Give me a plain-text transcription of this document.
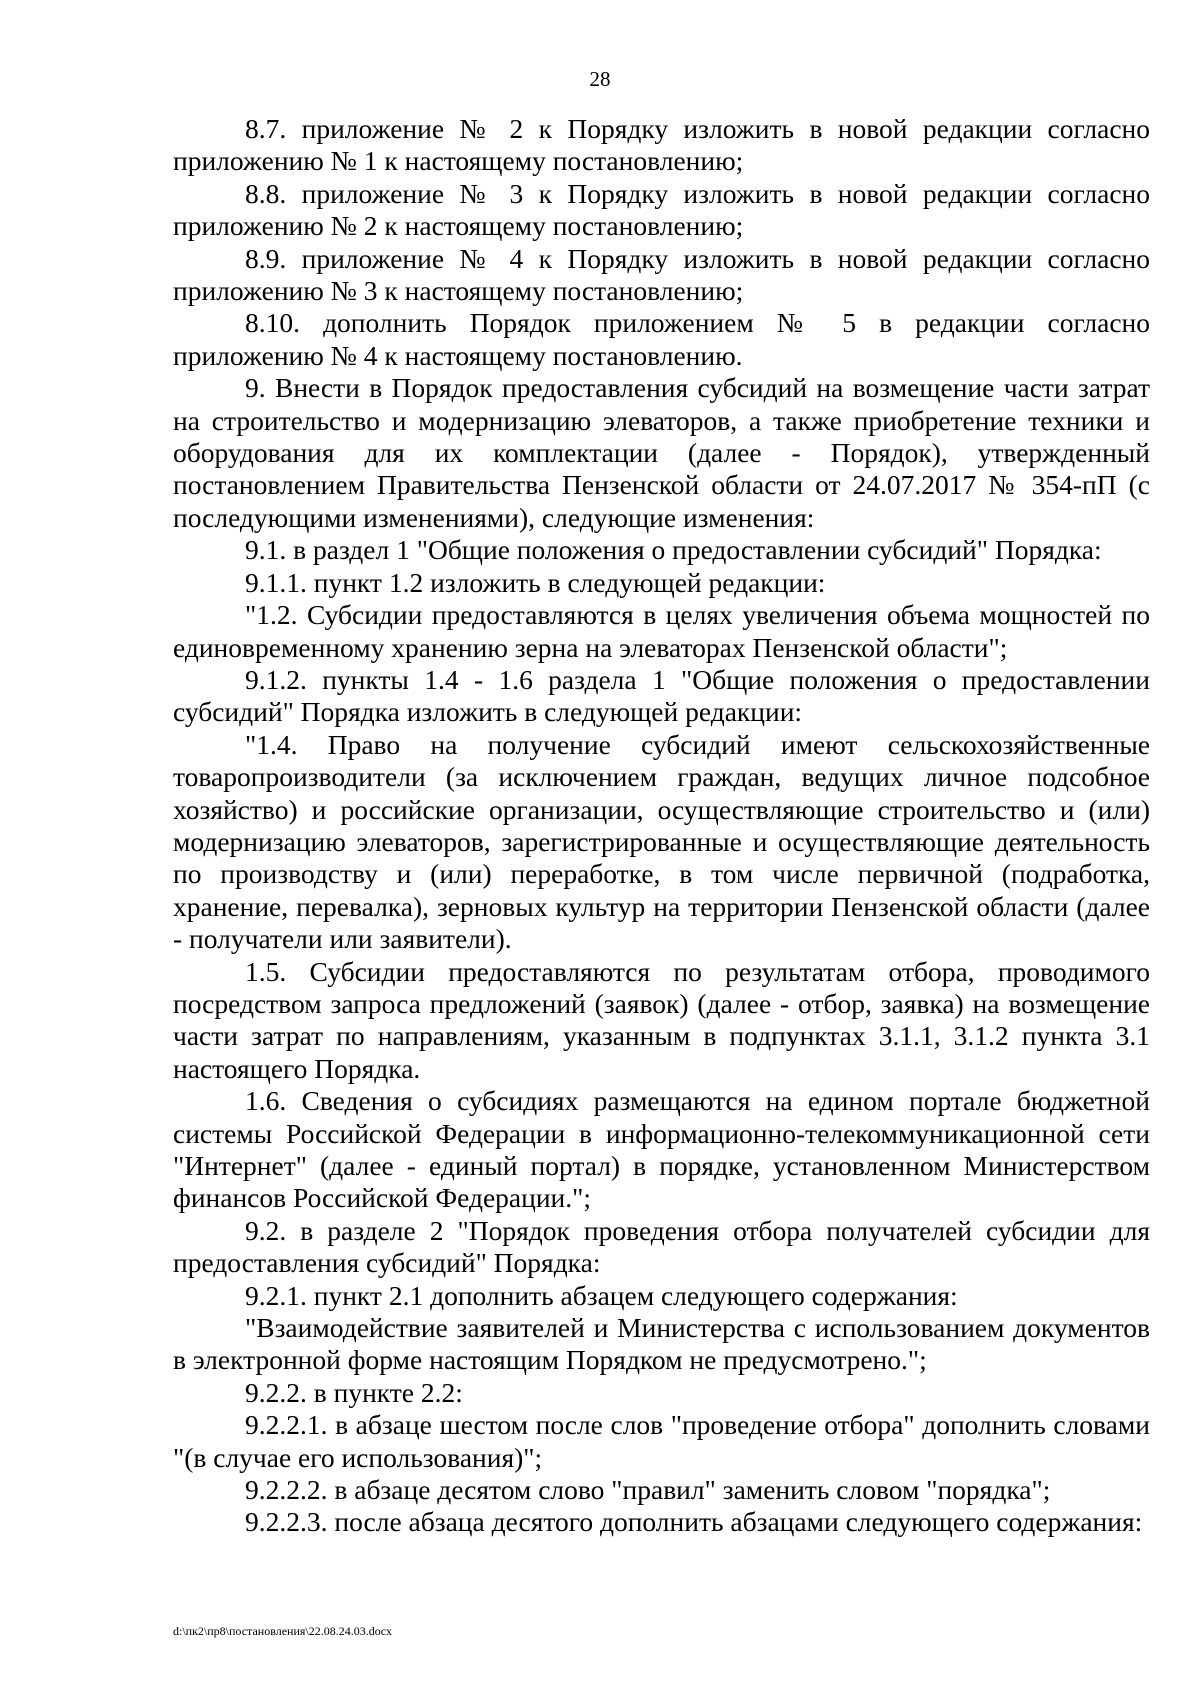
28

8.7. приложение № 2 к Порядку изложить в новой редакции согласно приложению № 1 к настоящему постановлению;

8.8. приложение № 3 к Порядку изложить в новой редакции согласно приложению № 2 к настоящему постановлению;

8.9. приложение № 4 к Порядку изложить в новой редакции согласно приложению № 3 к настоящему постановлению;

8.10. дополнить Порядок приложением № 5 в редакции согласно приложению № 4 к настоящему постановлению.

9. Внести в Порядок предоставления субсидий на возмещение части затрат на строительство и модернизацию элеваторов, а также приобретение техники и оборудования для их комплектации (далее - Порядок), утвержденный постановлением Правительства Пензенской области от 24.07.2017 № 354-пП (с последующими изменениями), следующие изменения:

9.1. в раздел 1 "Общие положения о предоставлении субсидий" Порядка:

9.1.1. пункт 1.2 изложить в следующей редакции:

"1.2. Субсидии предоставляются в целях увеличения объема мощностей по единовременному хранению зерна на элеваторах Пензенской области";

9.1.2. пункты 1.4 - 1.6 раздела 1 "Общие положения о предоставлении субсидий" Порядка изложить в следующей редакции:

"1.4. Право на получение субсидий имеют сельскохозяйственные товаропроизводители (за исключением граждан, ведущих личное подсобное хозяйство) и российские организации, осуществляющие строительство и (или) модернизацию элеваторов, зарегистрированные и осуществляющие деятельность по производству и (или) переработке, в том числе первичной (подработка, хранение, перевалка), зерновых культур на территории Пензенской области (далее - получатели или заявители).

1.5. Субсидии предоставляются по результатам отбора, проводимого посредством запроса предложений (заявок) (далее - отбор, заявка) на возмещение части затрат по направлениям, указанным в подпунктах 3.1.1, 3.1.2 пункта 3.1 настоящего Порядка.

1.6. Сведения о субсидиях размещаются на едином портале бюджетной системы Российской Федерации в информационно-телекоммуникационной сети "Интернет" (далее - единый портал) в порядке, установленном Министерством финансов Российской Федерации.";

9.2. в разделе 2 "Порядок проведения отбора получателей субсидии для предоставления субсидий" Порядка:

9.2.1. пункт 2.1 дополнить абзацем следующего содержания:

"Взаимодействие заявителей и Министерства с использованием документов в электронной форме настоящим Порядком не предусмотрено.";

9.2.2. в пункте 2.2:

9.2.2.1. в абзаце шестом после слов "проведение отбора" дополнить словами "(в случае его использования)";

9.2.2.2. в абзаце десятом слово "правил" заменить словом "порядка";

9.2.2.3. после абзаца десятого дополнить абзацами следующего содержания:

d:\пк2\пр8\постановления\22.08.24.03.docx
